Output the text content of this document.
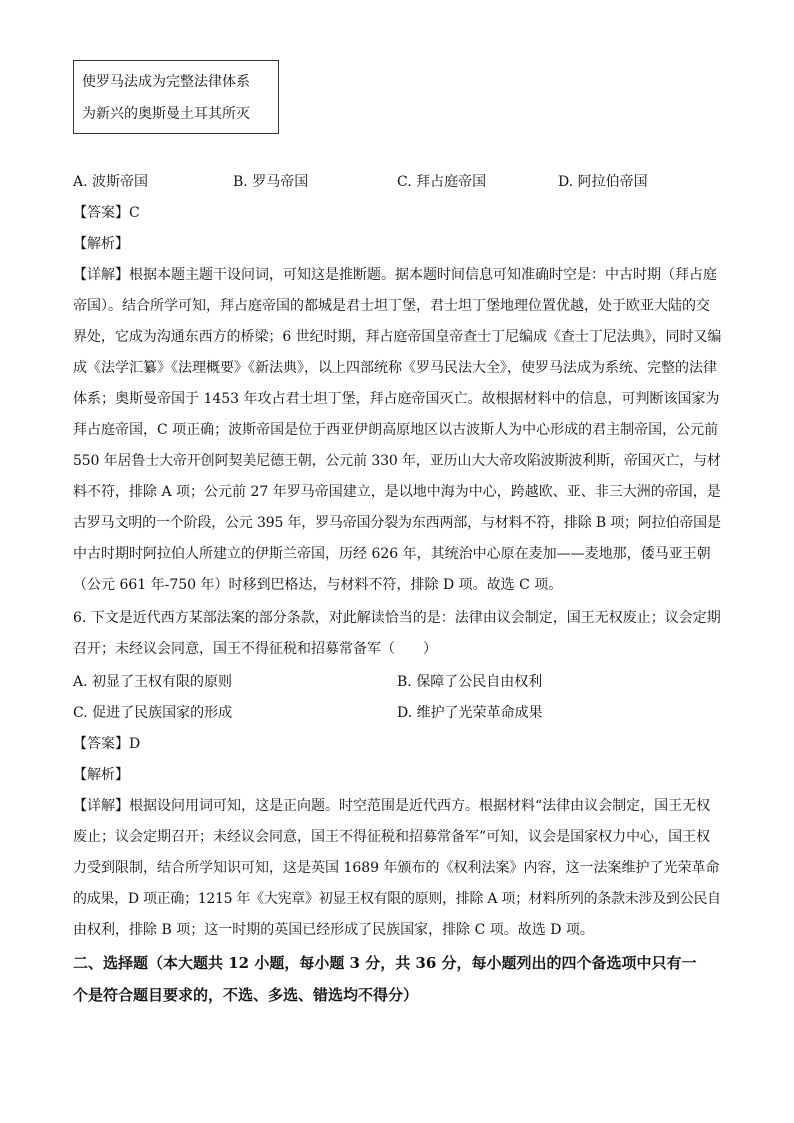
使罗马法成为完整法律体系
为新兴的奥斯曼土耳其所灭
A. 波斯帝国	B. 罗马帝国	C. 拜占庭帝国	D. 阿拉伯帝国
【答案】C
【解析】
【详解】根据本题主题干设问词，可知这是推断题。据本题时间信息可知准确时空是：中古时期（拜占庭
帝国）。结合所学可知，拜占庭帝国的都城是君士坦丁堡，君士坦丁堡地理位置优越，处于欧亚大陆的交
界处，它成为沟通东西方的桥梁；6 世纪时期，拜占庭帝国皇帝查士丁尼编成《查士丁尼法典》，同时又编
成《法学汇纂》《法理概要》《新法典》，以上四部统称《罗马民法大全》，使罗马法成为系统、完整的法律
体系；奥斯曼帝国于 1453 年攻占君士坦丁堡，拜占庭帝国灭亡。故根据材料中的信息，可判断该国家为
拜占庭帝国，C 项正确；波斯帝国是位于西亚伊朗高原地区以古波斯人为中心形成的君主制帝国，公元前
550 年居鲁士大帝开创阿契美尼德王朝，公元前 330 年，亚历山大大帝攻陷波斯波利斯，帝国灭亡，与材
料不符，排除 A 项；公元前 27 年罗马帝国建立，是以地中海为中心，跨越欧、亚、非三大洲的帝国，是
古罗马文明的一个阶段，公元 395 年，罗马帝国分裂为东西两部，与材料不符，排除 B 项；阿拉伯帝国是
中古时期时阿拉伯人所建立的伊斯兰帝国，历经 626 年，其统治中心原在麦加——麦地那，倭马亚王朝
（公元 661 年-750 年）时移到巴格达，与材料不符，排除 D 项。故选 C 项。
6. 下文是近代西方某部法案的部分条款，对此解读恰当的是：法律由议会制定，国王无权废止；议会定期
召开；未经议会同意，国王不得征税和招募常备军（　　）
A. 初显了王权有限的原则	B. 保障了公民自由权利
C. 促进了民族国家的形成	D. 维护了光荣革命成果
【答案】D
【解析】
【详解】根据设问用词可知，这是正向题。时空范围是近代西方。根据材料“法律由议会制定，国王无权
废止；议会定期召开；未经议会同意，国王不得征税和招募常备军”可知，议会是国家权力中心，国王权
力受到限制，结合所学知识可知，这是英国 1689 年颁布的《权利法案》内容，这一法案维护了光荣革命
的成果，D 项正确；1215 年《大宪章》初显王权有限的原则，排除 A 项；材料所列的条款未涉及到公民自
由权利，排除 B 项；这一时期的英国已经形成了民族国家，排除 C 项。故选 D 项。
二、选择题（本大题共 12 小题，每小题 3 分，共 36 分，每小题列出的四个备选项中只有一
个是符合题目要求的，不选、多选、错选均不得分）
